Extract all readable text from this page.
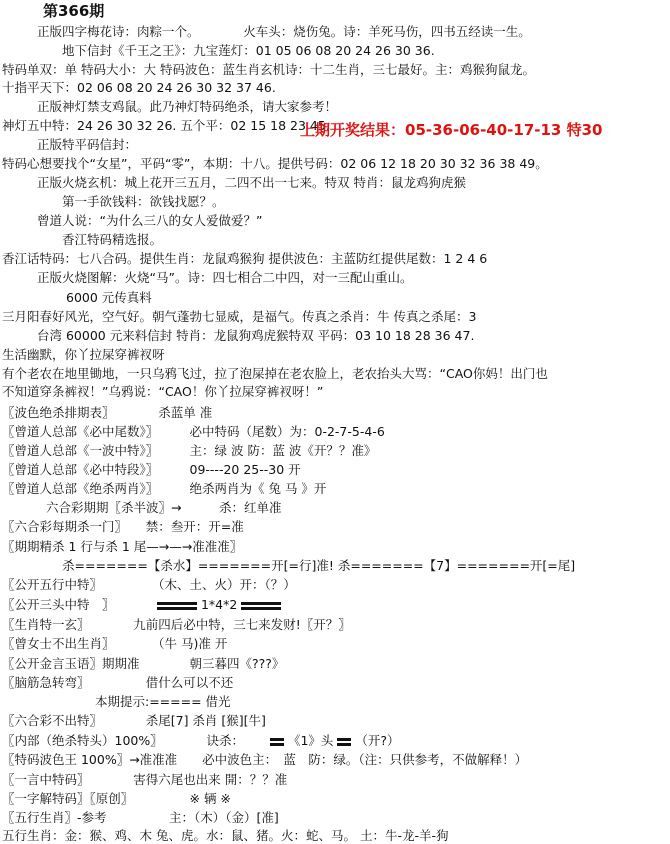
第366期
正版四字梅花诗：肉粽一个。　　　　火车头：烧伤兔。诗：羊死马伤，四书五经读一生。
地下信封《千王之王》：九宝莲灯：01 05 06 08 20 24 26 30 36.
特码单双：单 特码大小：大 特码波色：蓝生肖玄机诗：十二生肖，三七最好。主：鸡猴狗鼠龙。
十指平天下：02 06 08 20 24 26 30 32 37 46.
正版神灯禁支鸡鼠。此乃神灯特码绝杀，请大家参考！
神灯五中特：24 26 30 32 26. 五个平：02 15 18 23 45.
上期开奖结果：05-36-06-40-17-13 特30
正版特平码信封：
特码心想要找个“女星”，平码“零”，本期：十八。提供号码：02 06 12 18 20 30 32 36 38 49。
正版火烧玄机：城上花开三五月，二四不出一七来。特双 特肖：鼠龙鸡狗虎猴
第一手欲钱料：欲钱找愿？。
曾道人说：“为什么三八的女人爱做爱？”
香江特码精选报。
香江话特码：七八合码。提供生肖：龙鼠鸡猴狗 提供波色：主蓝防红提供尾数：1 2 4 6
正版火烧图解：火烧“马”。诗：四七相合二中四，对一三配山重山。
6000 元传真料
三月阳春好风光，空气好。朝气蓬勃七显威，是福气。传真之杀肖：牛 传真之杀尾：3
台湾 60000 元来料信封 特肖：龙鼠狗鸡虎猴特双 平码：03 10 18 28 36 47.
生活幽默，你丫拉屎穿裤衩呀
有个老农在地里锄地，一只乌鸦飞过，拉了泡屎掉在老农脸上，老农抬头大骂：“CAO你妈！出门也
不知道穿条裤衩！”乌鸦说：“CAO！你丫拉屎穿裤衩呀！”
〖波色绝杀排期表〗　　　　杀蓝单 准
〖曾道人总部《必中尾数》〗　　　必中特码（尾数）为：0-2-7-5-4-6
〖曾道人总部《一波中特》〗　　　主：绿 波 防：蓝 波《开？？准》
〖曾道人总部《必中特段》〗　　　09----20 25--30 开
〖曾道人总部《绝杀两肖》〗　　　绝杀两肖为《 兔 马 》开
六合彩期期〖杀半波〗→　　　杀：红单准
〖六合彩每期杀一门〗　　禁：叁开：开=准
〖期期精杀 1 行与杀 1 尾—→—→准准准〗
杀=======【杀水】=======开[=行]准! 杀=======【7】=======开[=尾]
〖公开五行中特〗　　　　　（木、土、火）开：（？）
〖公开三头中特　〗	1*4*2
〖生肖特一玄〗　　　　九前四后必中特，三七来发财!〖开？〗
〖曾女士不出生肖〗　　　　（牛 马)准 开
〖公开金言玉语〗期期准　　　　朝三暮四《???》
〖脑筋急转弯〗　　　　　借什么可以不还
本期提示:===== 借光
〖六合彩不出特〗　　　　杀尾[7] 杀肖 [猴][牛]
〖内部（绝杀特头）100%〗　　　　诀杀：	《1》头 （开?）
〖特码波色王 100%〗→准准准　　必中波色主：　蓝　防：绿。（注：只供参考，不做解释！）
〖一言中特码〗　　　　害得六尾也出来 開：？？准
〖一字解特码〗〖原创〗　　　　　※ 辆 ※
〖五行生肖〗-参考　　　　　主：（木）（金）[准]
五行生肖：金：猴、鸡、木 兔、虎。水：鼠、猪。火：蛇、马。 土：牛-龙-羊-狗
